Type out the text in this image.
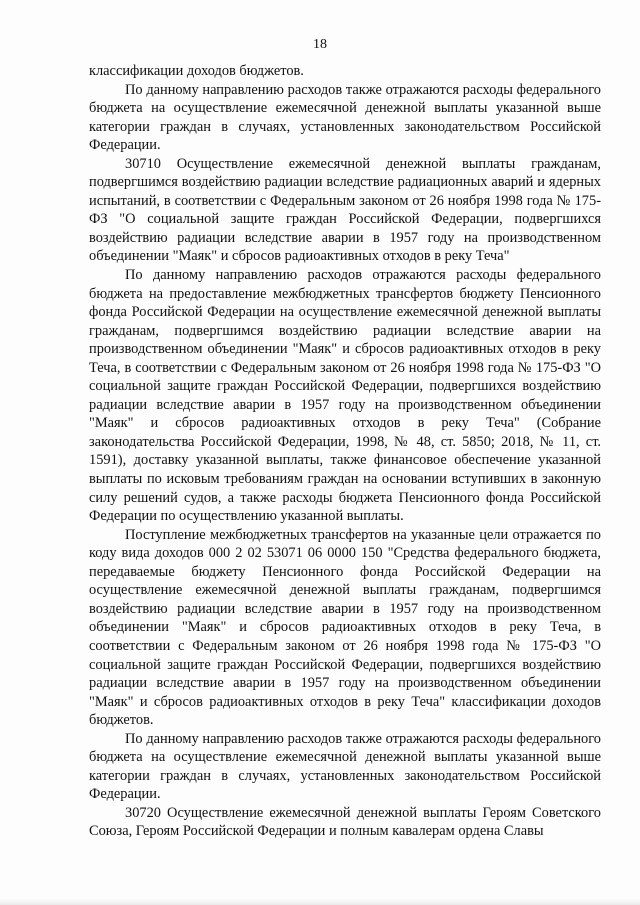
18

классификации доходов бюджетов.

По данному направлению расходов также отражаются расходы федерального бюджета на осуществление ежемесячной денежной выплаты указанной выше категории граждан в случаях, установленных законодательством Российской Федерации.

30710 Осуществление ежемесячной денежной выплаты гражданам, подвергшимся воздействию радиации вследствие радиационных аварий и ядерных испытаний, в соответствии с Федеральным законом от 26 ноября 1998 года № 175-ФЗ "О социальной защите граждан Российской Федерации, подвергшихся воздействию радиации вследствие аварии в 1957 году на производственном объединении "Маяк" и сбросов радиоактивных отходов в реку Теча"

По данному направлению расходов отражаются расходы федерального бюджета на предоставление межбюджетных трансфертов бюджету Пенсионного фонда Российской Федерации на осуществление ежемесячной денежной выплаты гражданам, подвергшимся воздействию радиации вследствие аварии на производственном объединении "Маяк" и сбросов радиоактивных отходов в реку Теча, в соответствии с Федеральным законом от 26 ноября 1998 года № 175-ФЗ "О социальной защите граждан Российской Федерации, подвергшихся воздействию радиации вследствие аварии в 1957 году на производственном объединении "Маяк" и сбросов радиоактивных отходов в реку Теча" (Собрание законодательства Российской Федерации, 1998, № 48, ст. 5850; 2018, № 11, ст. 1591), доставку указанной выплаты, также финансовое обеспечение указанной выплаты по исковым требованиям граждан на основании вступивших в законную силу решений судов, а также расходы бюджета Пенсионного фонда Российской Федерации по осуществлению указанной выплаты.

Поступление межбюджетных трансфертов на указанные цели отражается по коду вида доходов 000 2 02 53071 06 0000 150 "Средства федерального бюджета, передаваемые бюджету Пенсионного фонда Российской Федерации на осуществление ежемесячной денежной выплаты гражданам, подвергшимся воздействию радиации вследствие аварии в 1957 году на производственном объединении "Маяк" и сбросов радиоактивных отходов в реку Теча, в соответствии с Федеральным законом от 26 ноября 1998 года № 175-ФЗ "О социальной защите граждан Российской Федерации, подвергшихся воздействию радиации вследствие аварии в 1957 году на производственном объединении "Маяк" и сбросов радиоактивных отходов в реку Теча" классификации доходов бюджетов.

По данному направлению расходов также отражаются расходы федерального бюджета на осуществление ежемесячной денежной выплаты указанной выше категории граждан в случаях, установленных законодательством Российской Федерации.

30720 Осуществление ежемесячной денежной выплаты Героям Советского Союза, Героям Российской Федерации и полным кавалерам ордена Славы
